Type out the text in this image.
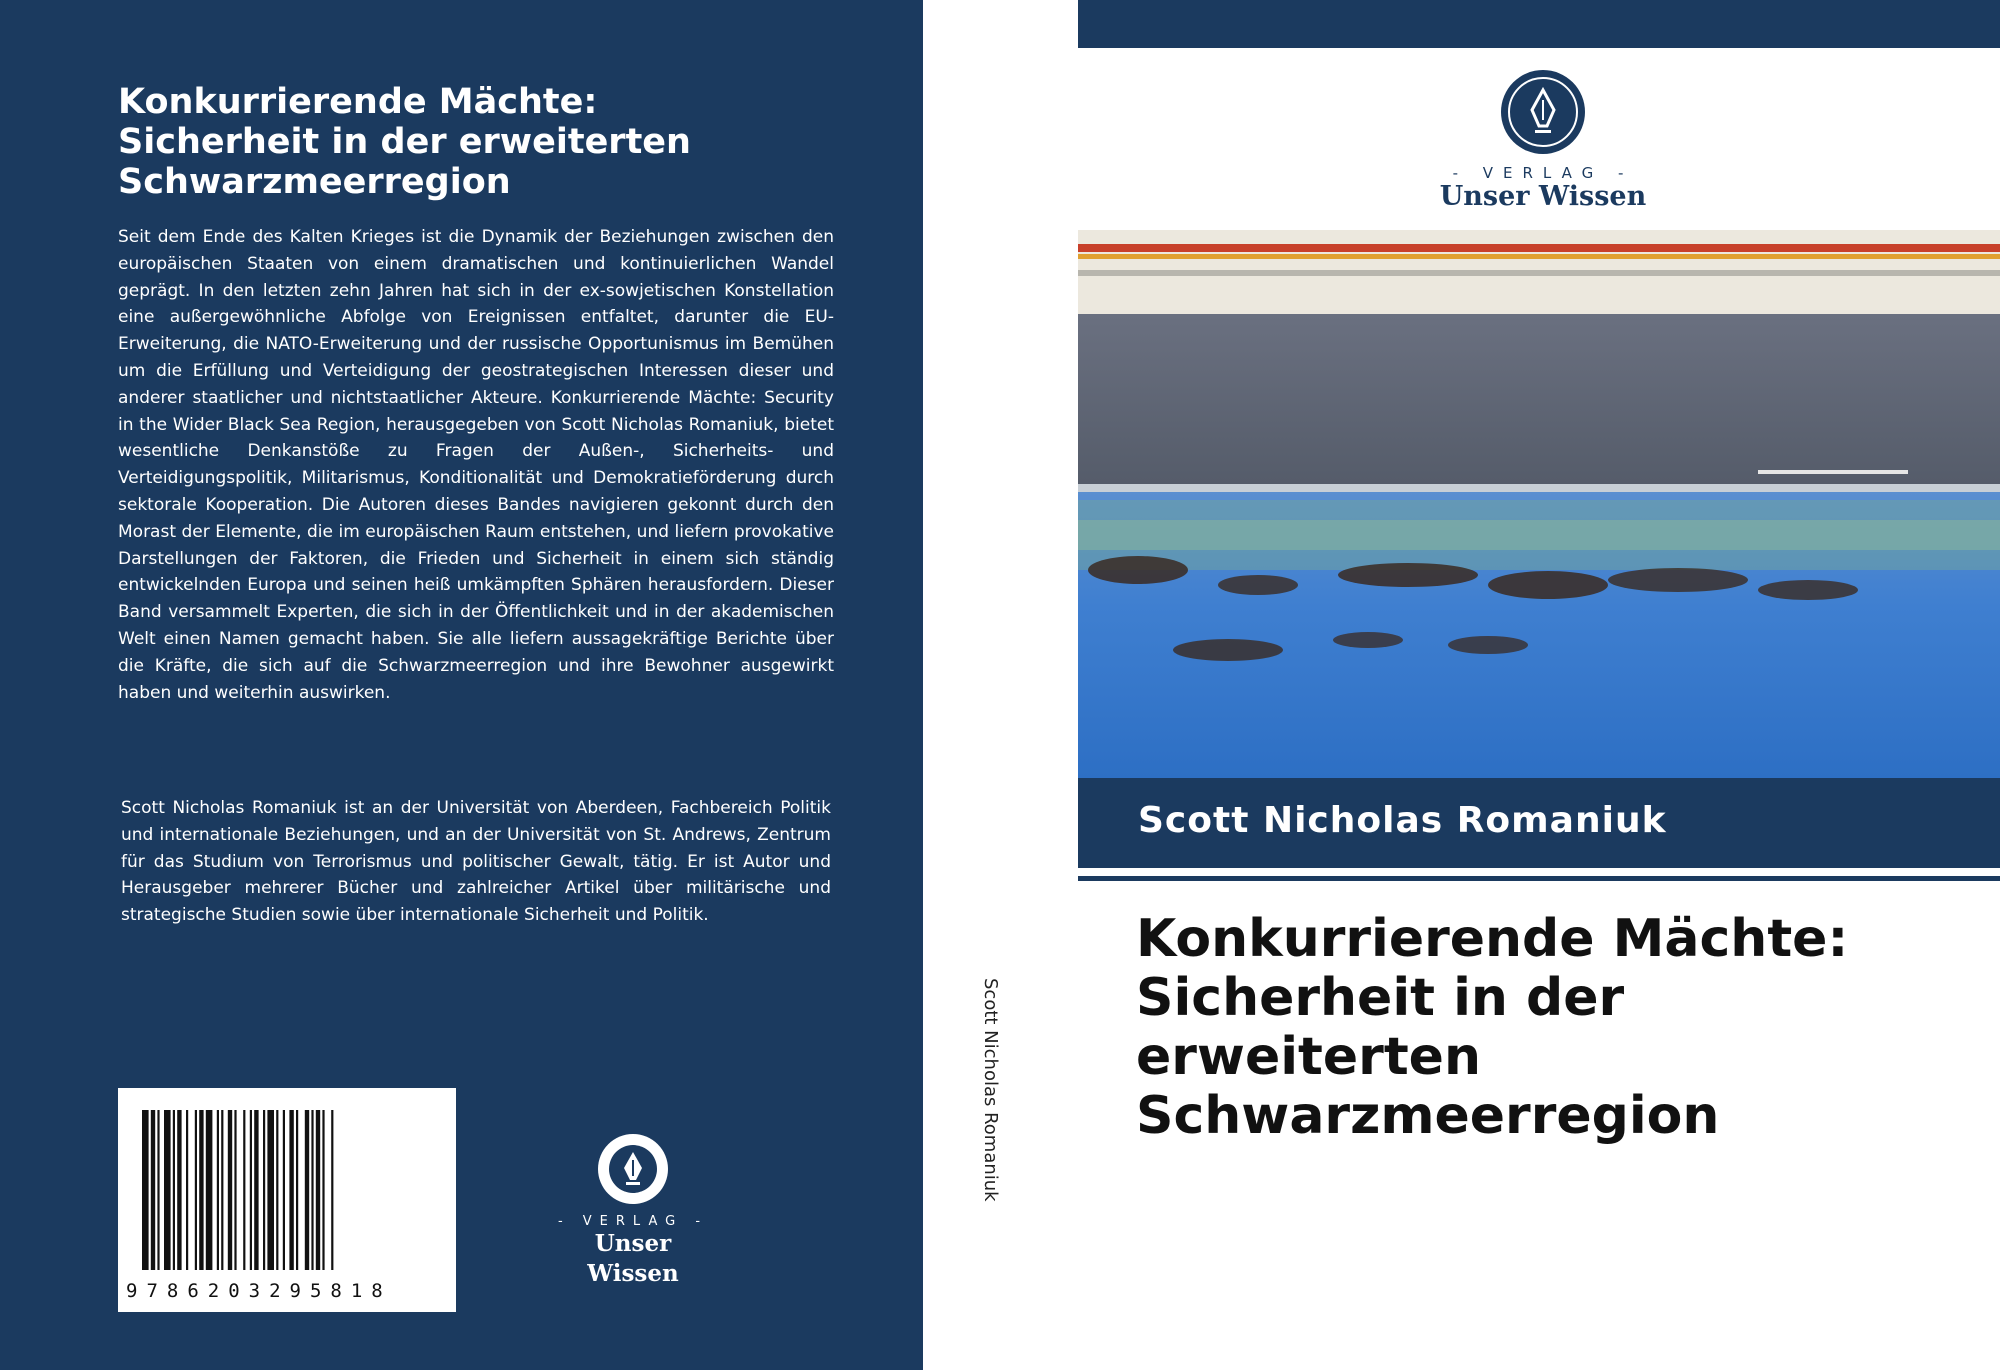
Konkurrierende Mächte:
Sicherheit in der erweiterten
Schwarzmeerregion

Seit dem Ende des Kalten Krieges ist die Dynamik der Beziehungen zwischen den europäischen Staaten von einem dramatischen und kontinuierlichen Wandel geprägt. In den letzten zehn Jahren hat sich in der ex-sowjetischen Konstellation eine außergewöhnliche Abfolge von Ereignissen entfaltet, darunter die EU-Erweiterung, die NATO-Erweiterung und der russische Opportunismus im Bemühen um die Erfüllung und Verteidigung der geostrategischen Interessen dieser und anderer staatlicher und nichtstaatlicher Akteure. Konkurrierende Mächte: Security in the Wider Black Sea Region, herausgegeben von Scott Nicholas Romaniuk, bietet wesentliche Denkanstöße zu Fragen der Außen-, Sicherheits- und Verteidigungspolitik, Militarismus, Konditionalität und Demokratieförderung durch sektorale Kooperation. Die Autoren dieses Bandes navigieren gekonnt durch den Morast der Elemente, die im europäischen Raum entstehen, und liefern provokative Darstellungen der Faktoren, die Frieden und Sicherheit in einem sich ständig entwickelnden Europa und seinen heiß umkämpften Sphären herausfordern. Dieser Band versammelt Experten, die sich in der Öffentlichkeit und in der akademischen Welt einen Namen gemacht haben. Sie alle liefern aussagekräftige Berichte über die Kräfte, die sich auf die Schwarzmeerregion und ihre Bewohner ausgewirkt haben und weiterhin auswirken.

Scott Nicholas Romaniuk ist an der Universität von Aberdeen, Fachbereich Politik und internationale Beziehungen, und an der Universität von St. Andrews, Zentrum für das Studium von Terrorismus und politischer Gewalt, tätig. Er ist Autor und Herausgeber mehrerer Bücher und zahlreicher Artikel über militärische und strategische Studien sowie über internationale Sicherheit und Politik.

9786203295818
- VERLAG -
Unser Wissen
Scott Nicholas Romaniuk
- VERLAG -
Unser Wissen
Scott Nicholas Romaniuk
Konkurrierende Mächte:
Sicherheit in der
erweiterten
Schwarzmeerregion
